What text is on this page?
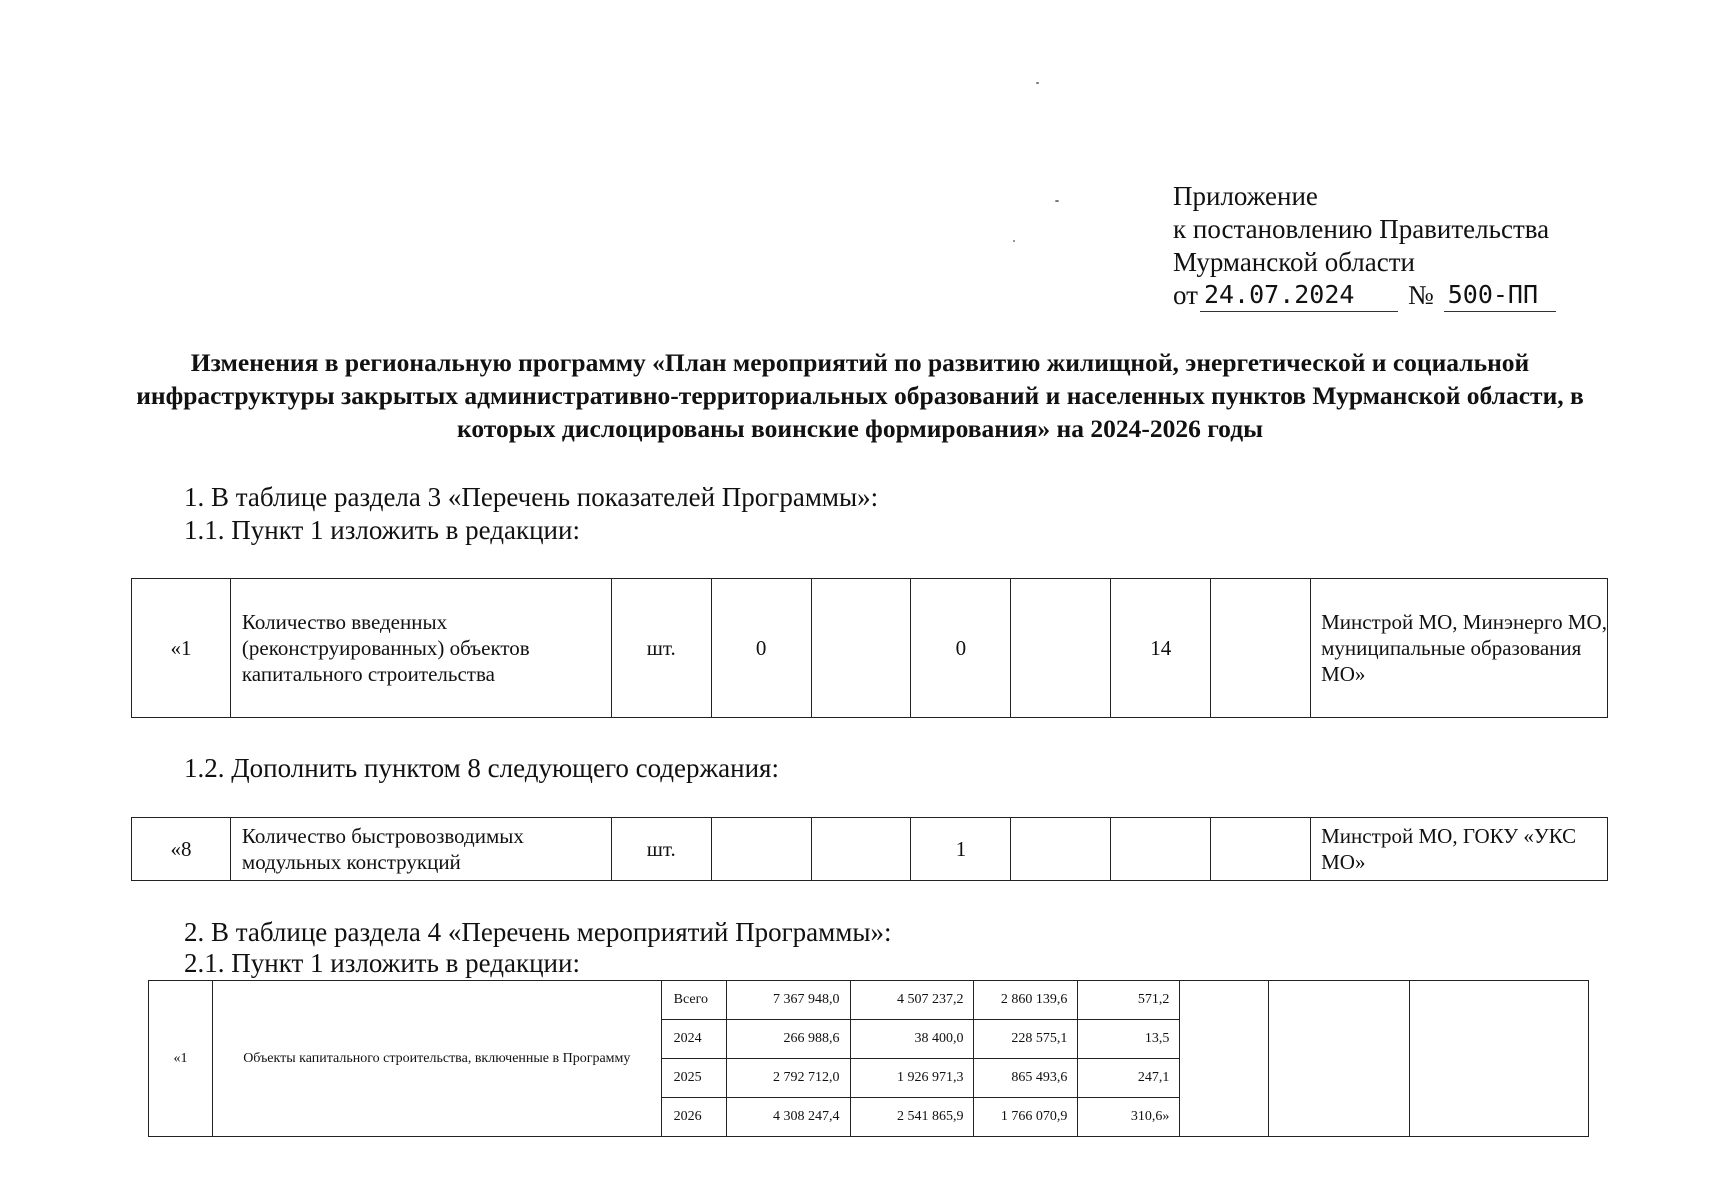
Приложение
к постановлению Правительства
Мурманской области
от 24.07.2024	№ 500-ПП
Изменения в региональную программу «План мероприятий по развитию жилищной, энергетической и социальной инфраструктуры закрытых административно-территориальных образований и населенных пунктов Мурманской области, в которых дислоцированы воинские формирования» на 2024-2026 годы
1. В таблице раздела 3 «Перечень показателей Программы»:
1.1. Пункт 1 изложить в редакции:
«1	Количество введенных (реконструированных) объектов капитального строительства	шт.	0		0		14		Минстрой МО, Минэнерго МО, муниципальные образования МО»
1.2. Дополнить пунктом 8 следующего содержания:
«8	Количество быстровозводимых модульных конструкций	шт.			1				Минстрой МО, ГОКУ «УКС МО»
2. В таблице раздела 4 «Перечень мероприятий Программы»:
2.1. Пункт 1 изложить в редакции:
«1	Объекты капитального строительства, включенные в Программу	Всего	7 367 948,0	4 507 237,2	2 860 139,6	571,2			
		2024	266 988,6	38 400,0	228 575,1	13,5			
		2025	2 792 712,0	1 926 971,3	865 493,6	247,1			
		2026	4 308 247,4	2 541 865,9	1 766 070,9	310,6»			
